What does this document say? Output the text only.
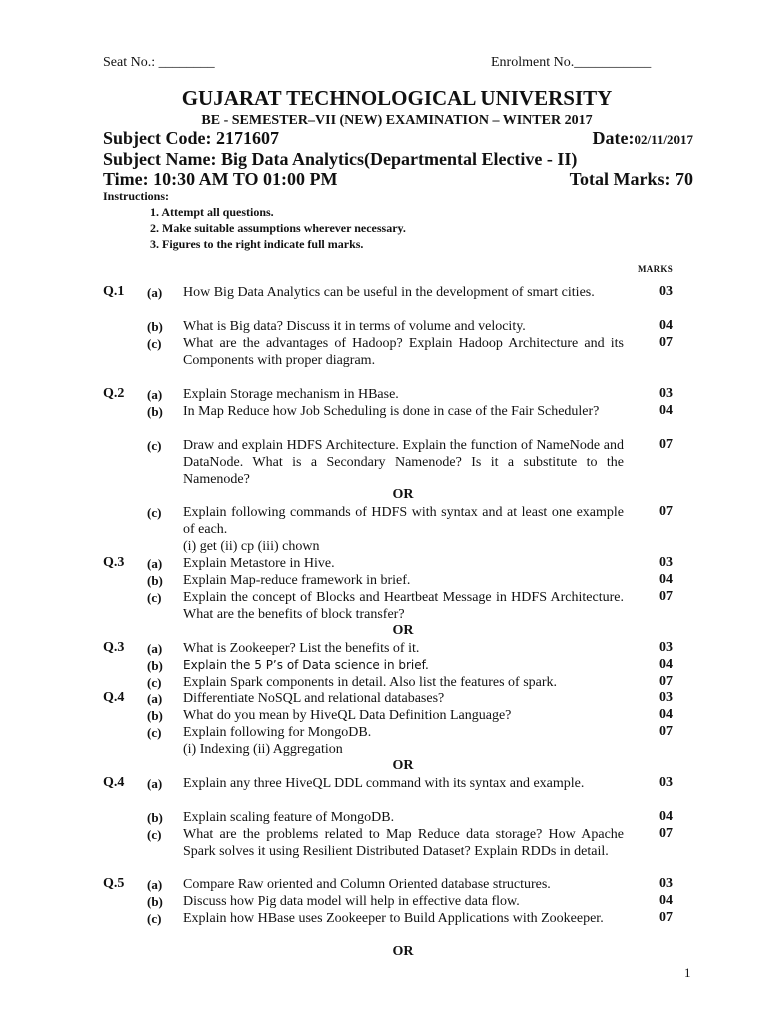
Seat No.: ________	Enrolment No.___________
GUJARAT TECHNOLOGICAL UNIVERSITY
BE - SEMESTER–VII (NEW) EXAMINATION – WINTER 2017
Subject Code: 2171607	Date:02/11/2017
Subject Name: Big Data Analytics(Departmental Elective - II)
Time: 10:30 AM TO 01:00 PM	Total Marks: 70
Instructions:
1. Attempt all questions.
2. Make suitable assumptions wherever necessary.
3. Figures to the right indicate full marks.
MARKS
Q.1 (a) How Big Data Analytics can be useful in the development of smart cities.	03
(b) What is Big data? Discuss it in terms of volume and velocity.	04
(c) What are the advantages of Hadoop? Explain Hadoop Architecture and its Components with proper diagram.
07
Q.2 (a) Explain Storage mechanism in HBase.	03
(b) In Map Reduce how Job Scheduling is done in case of the Fair Scheduler?	04
(c) Draw and explain HDFS Architecture. Explain the function of NameNode and DataNode. What is a Secondary Namenode? Is it a substitute to the Namenode?
07
OR
(c) Explain following commands of HDFS with syntax and at least one example of each.
(i) get (ii) cp (iii) chown
07
Q.3 (a) Explain Metastore in Hive.	03
(b) Explain Map-reduce framework in brief.	04
(c) Explain the concept of Blocks and Heartbeat Message in HDFS Architecture. What are the benefits of block transfer?
07
OR
Q.3 (a) What is Zookeeper? List the benefits of it.	03
(b) Explain the 5 P’s of Data science in brief.	04
(c) Explain Spark components in detail. Also list the features of spark.	07
Q.4 (a) Differentiate NoSQL and relational databases?	03
(b) What do you mean by HiveQL Data Definition Language?	04
(c) Explain following for MongoDB.
(i) Indexing (ii) Aggregation
07
OR
Q.4 (a) Explain any three HiveQL DDL command with its syntax and example.	03
(b) Explain scaling feature of MongoDB.	04
(c) What are the problems related to Map Reduce data storage? How Apache Spark solves it using Resilient Distributed Dataset? Explain RDDs in detail.
07
Q.5 (a) Compare Raw oriented and Column Oriented database structures.	03
(b) Discuss how Pig data model will help in effective data flow.	04
(c) Explain how HBase uses Zookeeper to Build Applications with Zookeeper.	07
OR
1
